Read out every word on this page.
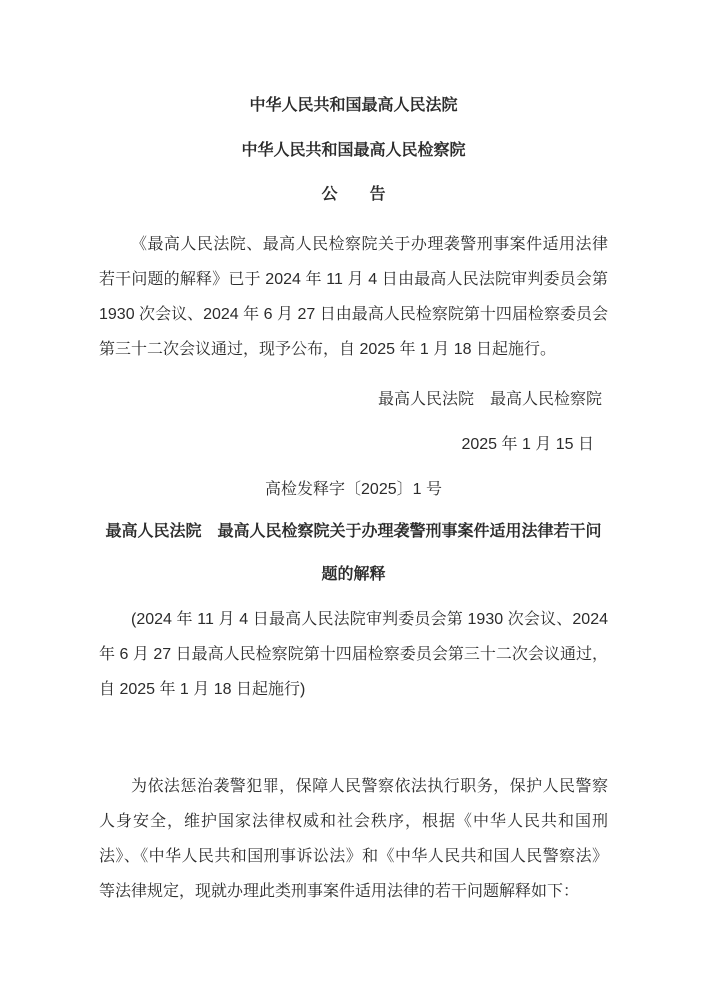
中华人民共和国最高人民法院
中华人民共和国最高人民检察院
公　　告

《最高人民法院、最高人民检察院关于办理袭警刑事案件适用法律若干问题的解释》已于 2024 年 11 月 4 日由最高人民法院审判委员会第 1930 次会议、2024 年 6 月 27 日由最高人民检察院第十四届检察委员会第三十二次会议通过，现予公布，自 2025 年 1 月 18 日起施行。

最高人民法院　最高人民检察院
2025 年 1 月 15 日
高检发释字〔2025〕1 号
最高人民法院　最高人民检察院关于办理袭警刑事案件适用法律若干问题的解释

(2024 年 11 月 4 日最高人民法院审判委员会第 1930 次会议、2024 年 6 月 27 日最高人民检察院第十四届检察委员会第三十二次会议通过，自 2025 年 1 月 18 日起施行)

为依法惩治袭警犯罪，保障人民警察依法执行职务，保护人民警察人身安全，维护国家法律权威和社会秩序，根据《中华人民共和国刑法》、《中华人民共和国刑事诉讼法》和《中华人民共和国人民警察法》等法律规定，现就办理此类刑事案件适用法律的若干问题解释如下：
